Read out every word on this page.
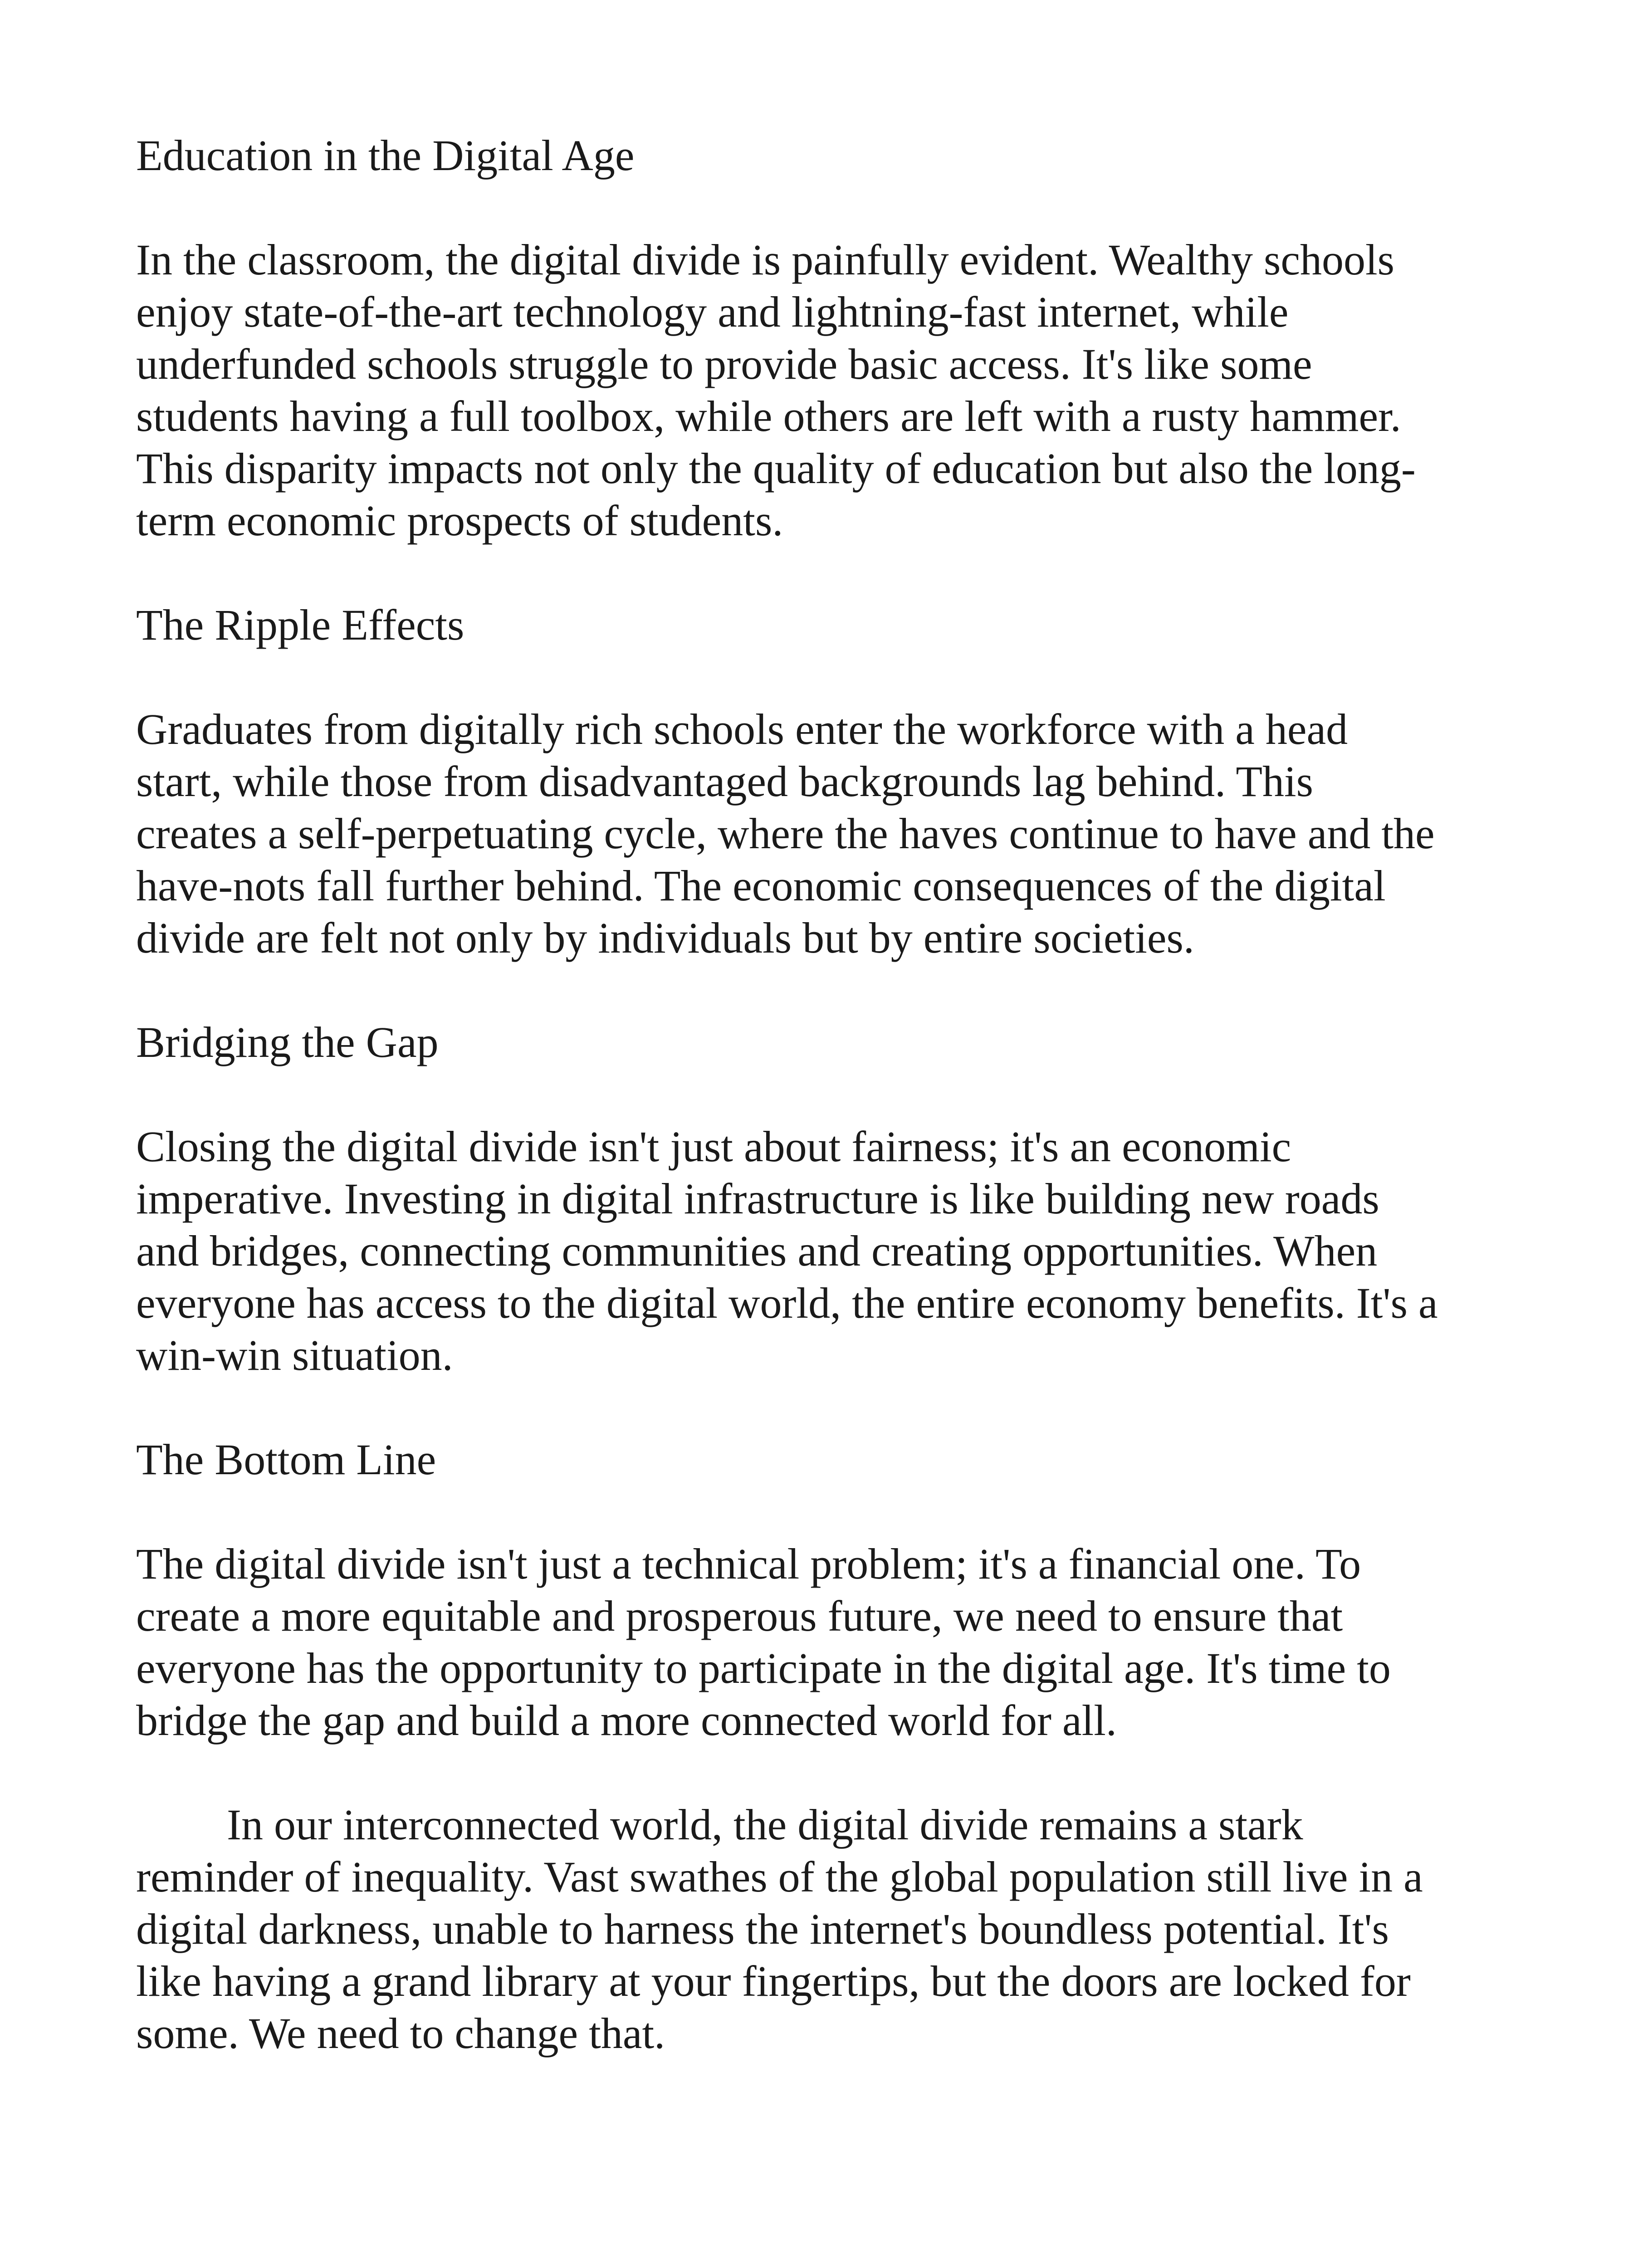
Education in the Digital Age

In the classroom, the digital divide is painfully evident. Wealthy schools enjoy state-of-the-art technology and lightning-fast internet, while underfunded schools struggle to provide basic access. It's like some students having a full toolbox, while others are left with a rusty hammer. This disparity impacts not only the quality of education but also the long-term economic prospects of students.

The Ripple Effects

Graduates from digitally rich schools enter the workforce with a head start, while those from disadvantaged backgrounds lag behind. This creates a self-perpetuating cycle, where the haves continue to have and the have-nots fall further behind. The economic consequences of the digital divide are felt not only by individuals but by entire societies.

Bridging the Gap

Closing the digital divide isn't just about fairness; it's an economic imperative. Investing in digital infrastructure is like building new roads and bridges, connecting communities and creating opportunities. When everyone has access to the digital world, the entire economy benefits. It's a win-win situation.

The Bottom Line

The digital divide isn't just a technical problem; it's a financial one. To create a more equitable and prosperous future, we need to ensure that everyone has the opportunity to participate in the digital age. It's time to bridge the gap and build a more connected world for all.

In our interconnected world, the digital divide remains a stark reminder of inequality. Vast swathes of the global population still live in a digital darkness, unable to harness the internet's boundless potential. It's like having a grand library at your fingertips, but the doors are locked for some. We need to change that.
